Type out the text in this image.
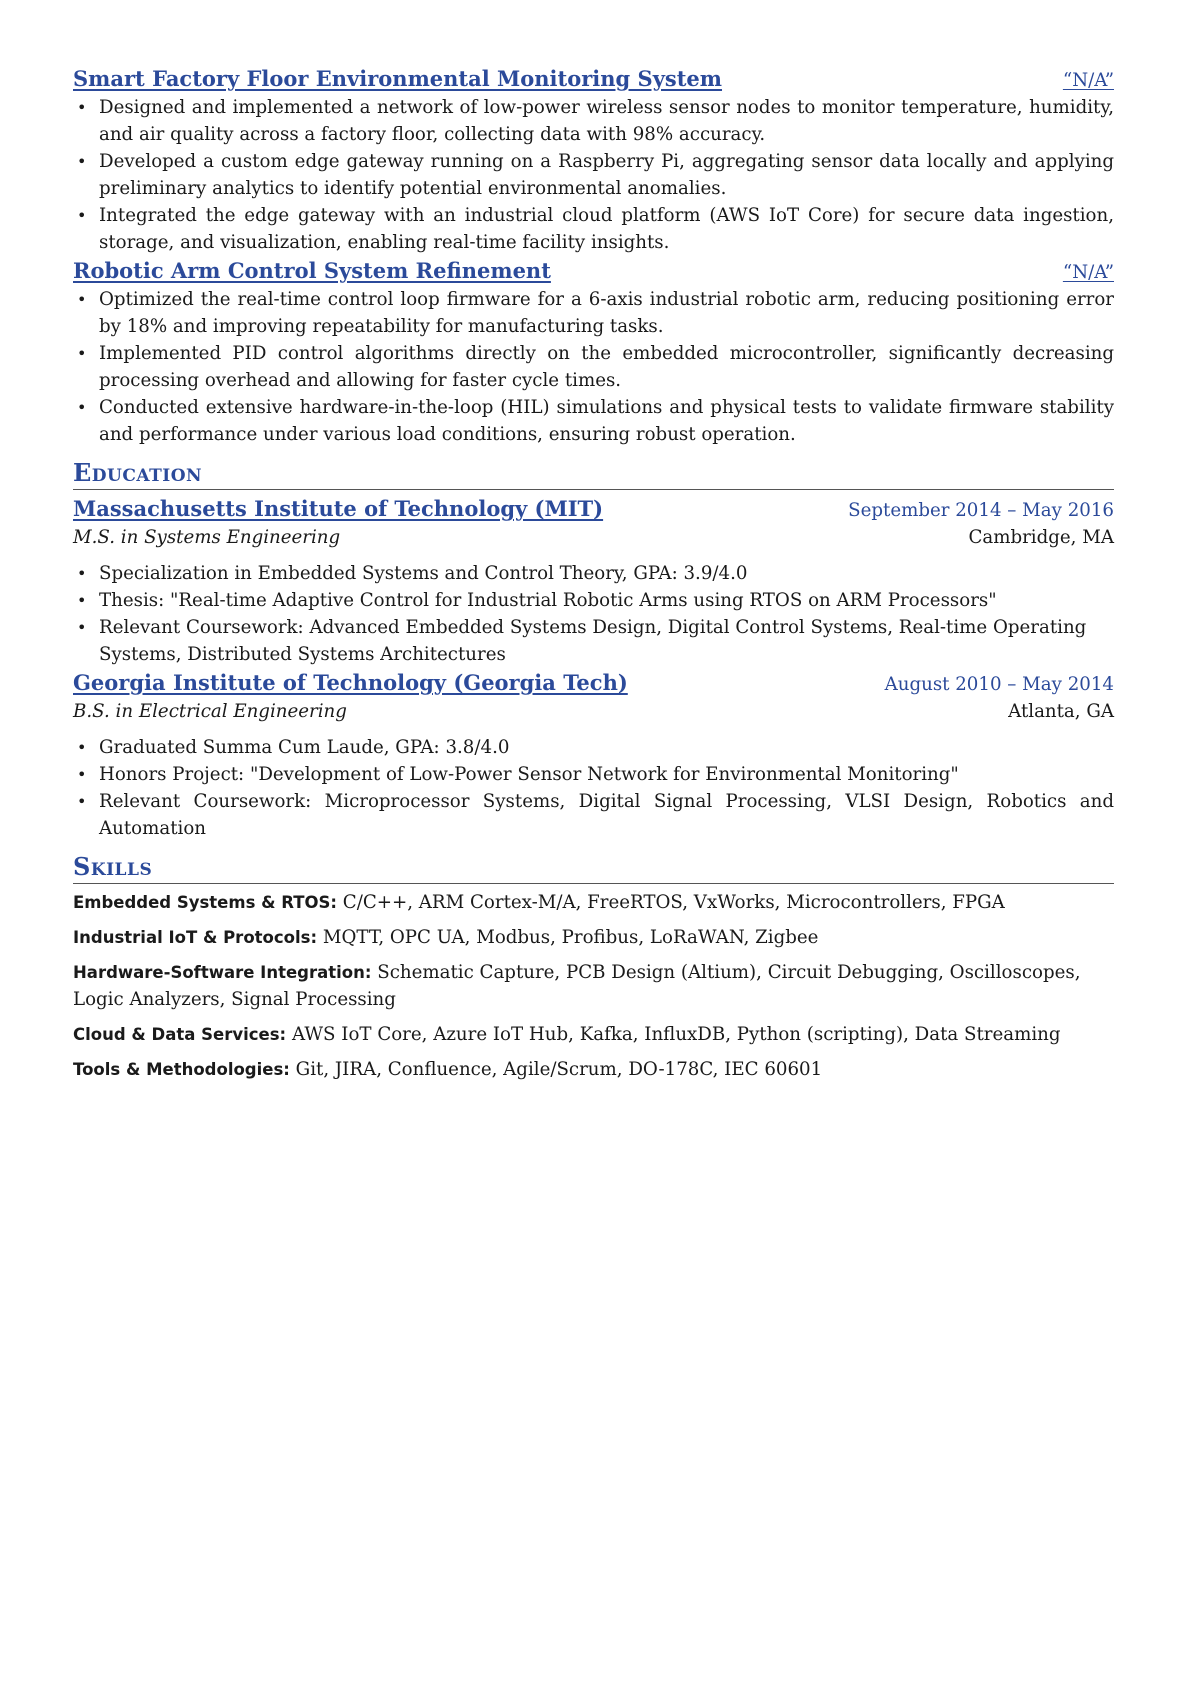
Smart Factory Floor Environmental Monitoring System	“N/A”
• Designed and implemented a network of low-power wireless sensor nodes to monitor temperature, humidity, and air quality across a factory floor, collecting data with 98% accuracy.
• Developed a custom edge gateway running on a Raspberry Pi, aggregating sensor data locally and applying preliminary analytics to identify potential environmental anomalies.
• Integrated the edge gateway with an industrial cloud platform (AWS IoT Core) for secure data ingestion, storage, and visualization, enabling real-time facility insights.
Robotic Arm Control System Refinement	“N/A”
• Optimized the real-time control loop firmware for a 6-axis industrial robotic arm, reducing positioning error by 18% and improving repeatability for manufacturing tasks.
• Implemented PID control algorithms directly on the embedded microcontroller, significantly decreasing processing overhead and allowing for faster cycle times.
• Conducted extensive hardware-in-the-loop (HIL) simulations and physical tests to validate firmware stability and performance under various load conditions, ensuring robust operation.
Education
Massachusetts Institute of Technology (MIT)	September 2014 – May 2016
M.S. in Systems Engineering	Cambridge, MA
• Specialization in Embedded Systems and Control Theory, GPA: 3.9/4.0
• Thesis: "Real-time Adaptive Control for Industrial Robotic Arms using RTOS on ARM Processors"
• Relevant Coursework: Advanced Embedded Systems Design, Digital Control Systems, Real-time Operating Systems, Distributed Systems Architectures
Georgia Institute of Technology (Georgia Tech)	August 2010 – May 2014
B.S. in Electrical Engineering	Atlanta, GA
• Graduated Summa Cum Laude, GPA: 3.8/4.0
• Honors Project: "Development of Low-Power Sensor Network for Environmental Monitoring"
• Relevant Coursework: Microprocessor Systems, Digital Signal Processing, VLSI Design, Robotics and Automation
Skills
Embedded Systems & RTOS: C/C++, ARM Cortex-M/A, FreeRTOS, VxWorks, Microcontrollers, FPGA
Industrial IoT & Protocols: MQTT, OPC UA, Modbus, Profibus, LoRaWAN, Zigbee
Hardware-Software Integration: Schematic Capture, PCB Design (Altium), Circuit Debugging, Oscilloscopes, Logic Analyzers, Signal Processing
Cloud & Data Services: AWS IoT Core, Azure IoT Hub, Kafka, InfluxDB, Python (scripting), Data Streaming
Tools & Methodologies: Git, JIRA, Confluence, Agile/Scrum, DO-178C, IEC 60601
